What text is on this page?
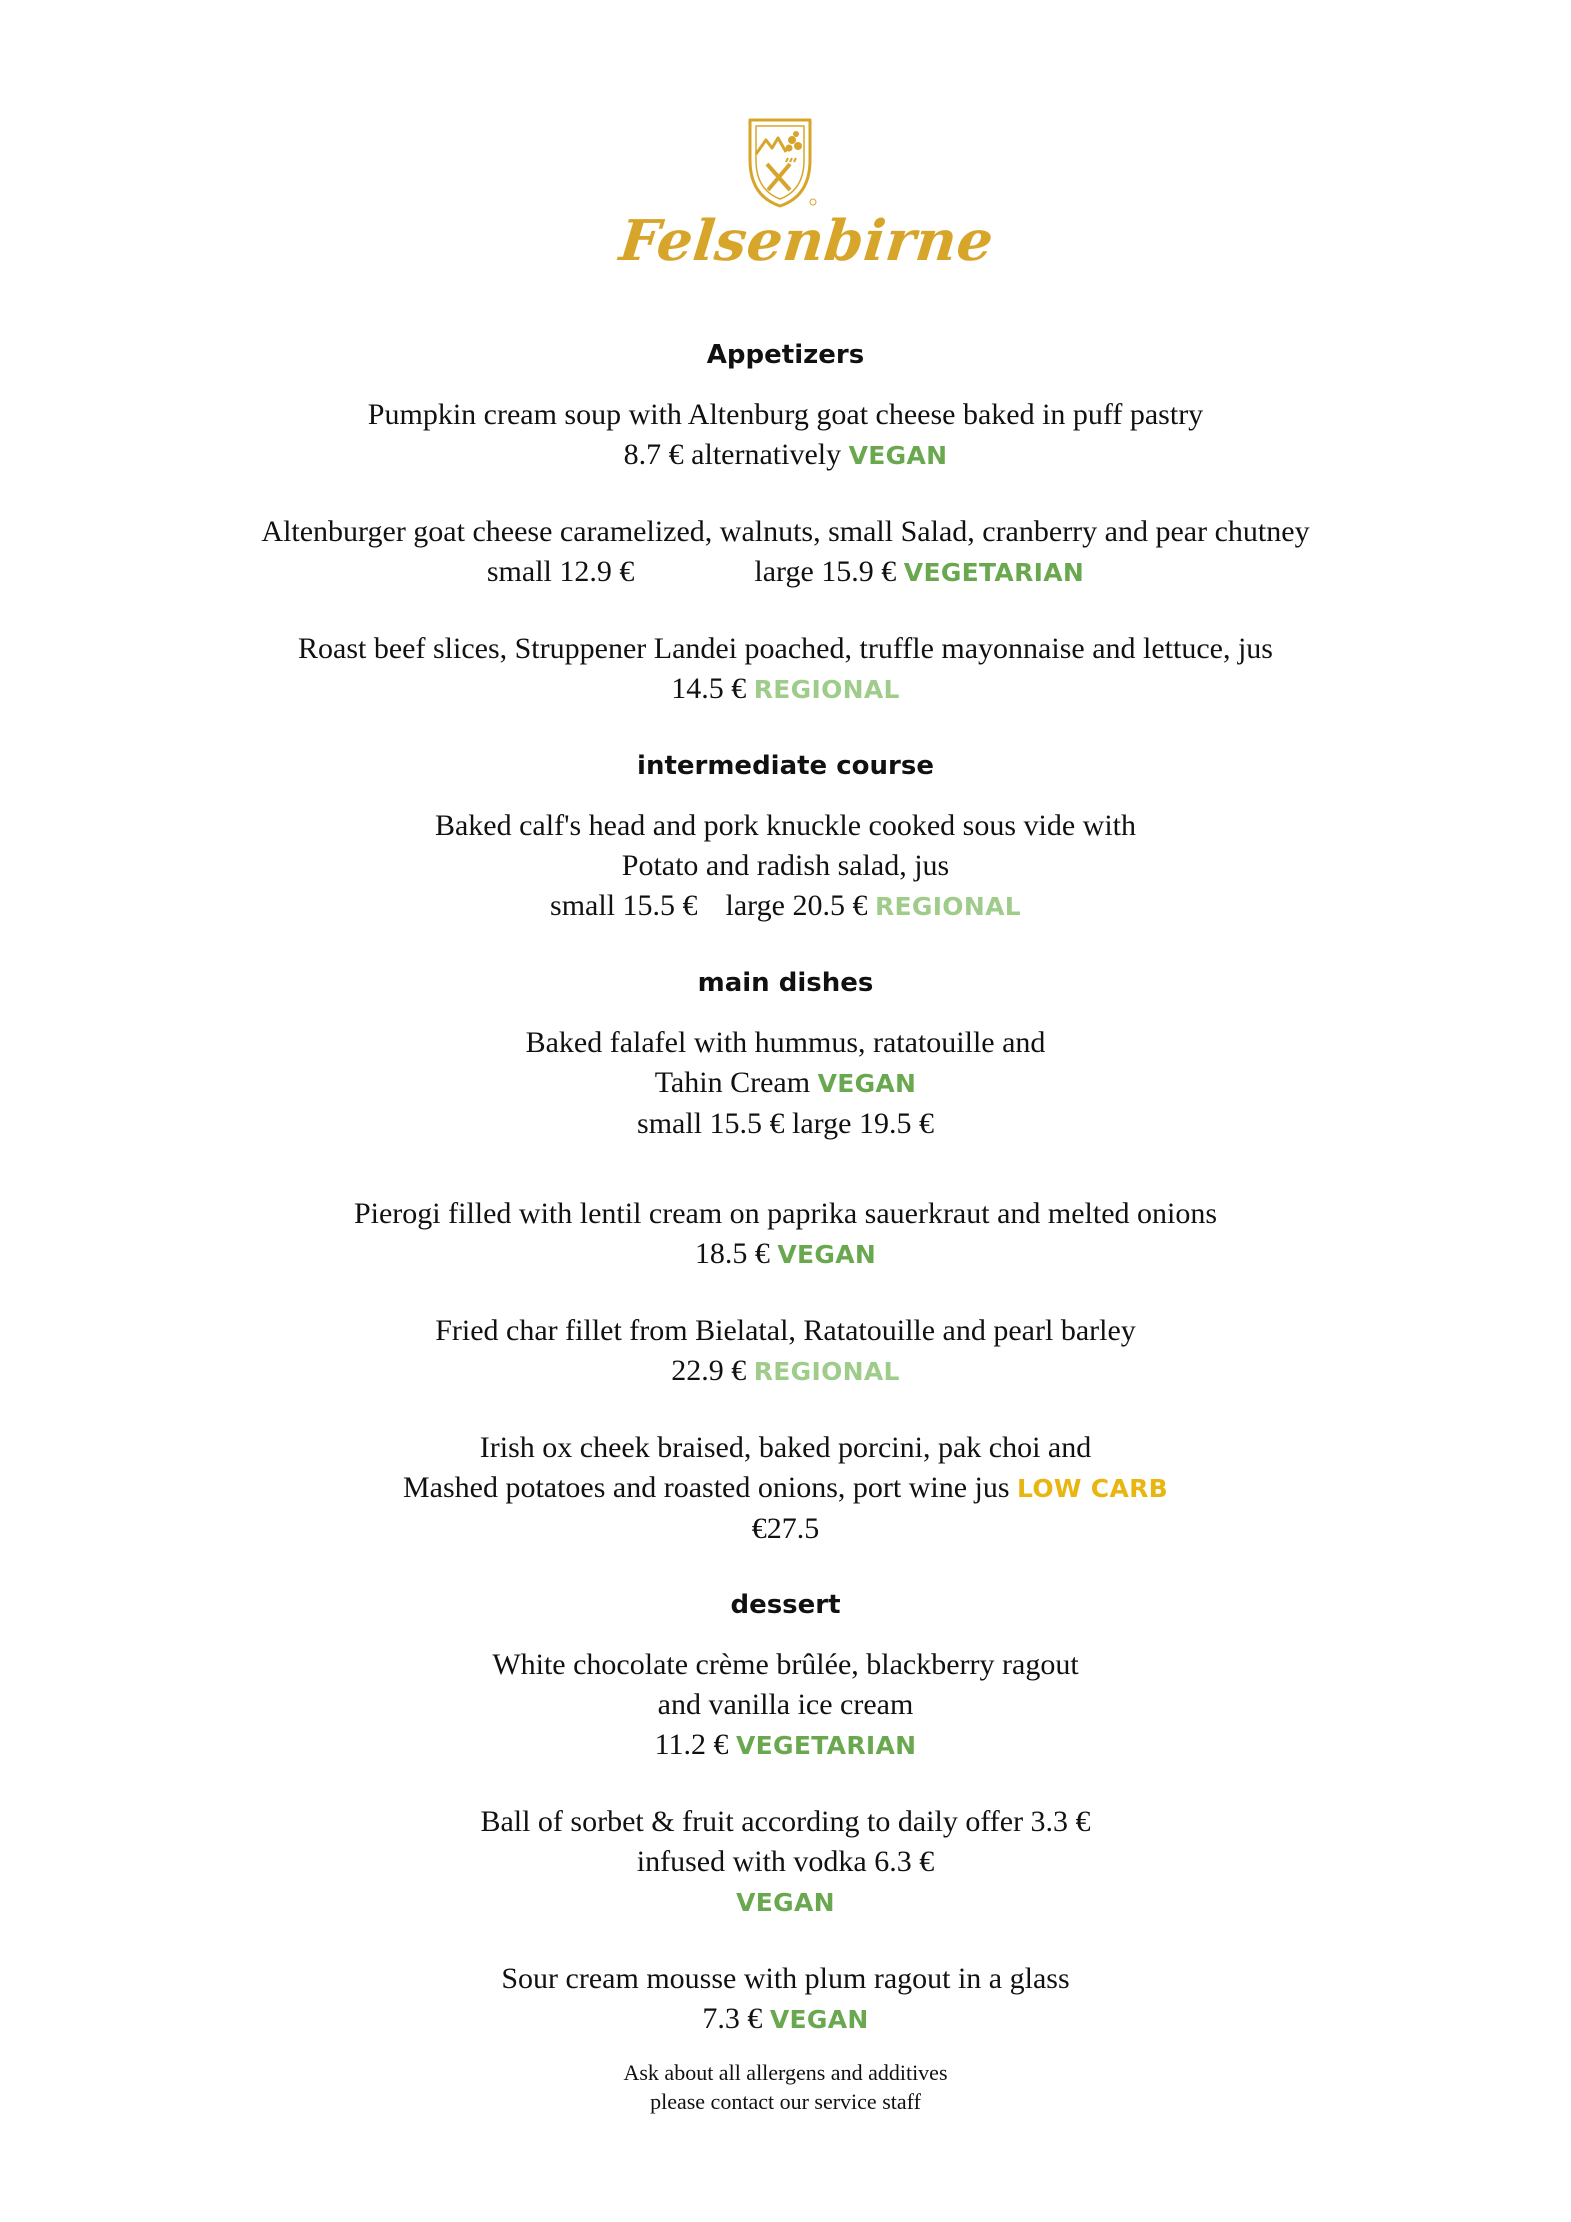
Felsenbirne
Appetizers
Pumpkin cream soup with Altenburg goat cheese baked in puff pastry
8.7 € alternatively VEGAN
Altenburger goat cheese caramelized, walnuts, small Salad, cranberry and pear chutney
small 12.9 €	large 15.9 € VEGETARIAN
Roast beef slices, Struppener Landei poached, truffle mayonnaise and lettuce, jus
14.5 € REGIONAL
intermediate course
Baked calf's head and pork knuckle cooked sous vide with
Potato and radish salad, jus
small 15.5 € large 20.5 € REGIONAL
main dishes
Baked falafel with hummus, ratatouille and
Tahin Cream VEGAN
small 15.5 € large 19.5 €
Pierogi filled with lentil cream on paprika sauerkraut and melted onions
18.5 € VEGAN
Fried char fillet from Bielatal, Ratatouille and pearl barley
22.9 € REGIONAL
Irish ox cheek braised, baked porcini, pak choi and
Mashed potatoes and roasted onions, port wine jus LOW CARB
€27.5
dessert
White chocolate crème brûlée, blackberry ragout
and vanilla ice cream
11.2 € VEGETARIAN
Ball of sorbet & fruit according to daily offer 3.3 €
infused with vodka 6.3 €
VEGAN
Sour cream mousse with plum ragout in a glass
7.3 € VEGAN
Ask about all allergens and additives
please contact our service staff
